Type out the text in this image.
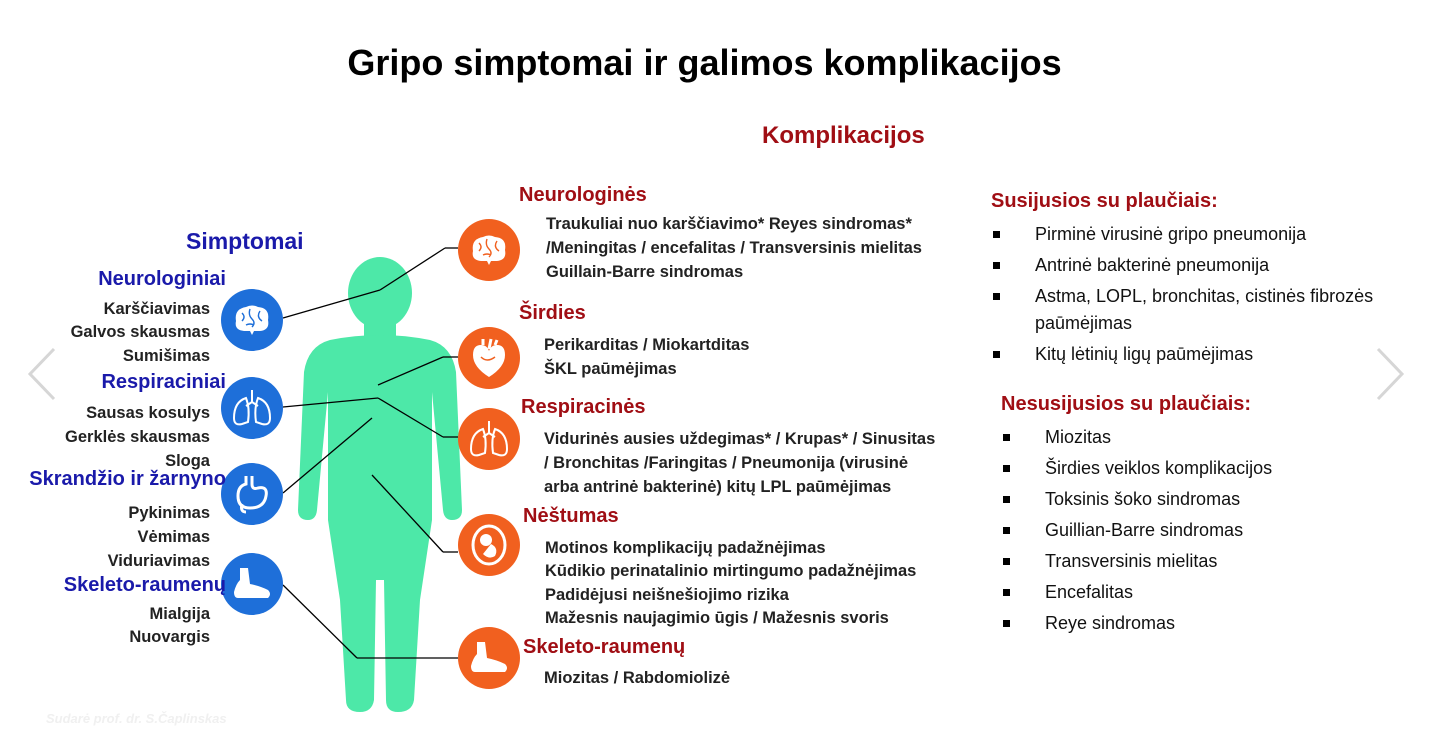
Gripo simptomai ir galimos komplikacijos
Komplikacijos
Simptomai
Neurologiniai
Karščiavimas
Galvos skausmas
Sumišimas
Respiraciniai
Sausas kosulys
Gerklės skausmas
Sloga
Skrandžio ir žarnyno
Pykinimas
Vėmimas
Viduriavimas
Skeleto-raumenų
Mialgija
Nuovargis
Neurologinės
Traukuliai nuo karščiavimo* Reyes sindromas*
/Meningitas / encefalitas / Transversinis mielitas
Guillain-Barre sindromas
Širdies
Perikarditas / Miokartditas
ŠKL paūmėjimas
Respiracinės
Vidurinės ausies uždegimas* / Krupas* / Sinusitas
/ Bronchitas /Faringitas / Pneumonija (virusinė
arba antrinė bakterinė) kitų LPL paūmėjimas
Nėštumas
Motinos komplikacijų padažnėjimas
Kūdikio perinatalinio mirtingumo padažnėjimas
Padidėjusi neišnešiojimo rizika
Mažesnis naujagimio ūgis / Mažesnis svoris
Skeleto-raumenų
Miozitas / Rabdomiolizė
Susijusios su plaučiais:
Pirminė virusinė gripo pneumonija
Antrinė bakterinė pneumonija
Astma, LOPL, bronchitas, cistinės fibrozės paūmėjimas
Kitų lėtinių ligų paūmėjimas
Nesusijusios su plaučiais:
Miozitas
Širdies veiklos komplikacijos
Toksinis šoko sindromas
Guillian-Barre sindromas
Transversinis mielitas
Encefalitas
Reye sindromas
Sudarė prof. dr. S.Čaplinskas
